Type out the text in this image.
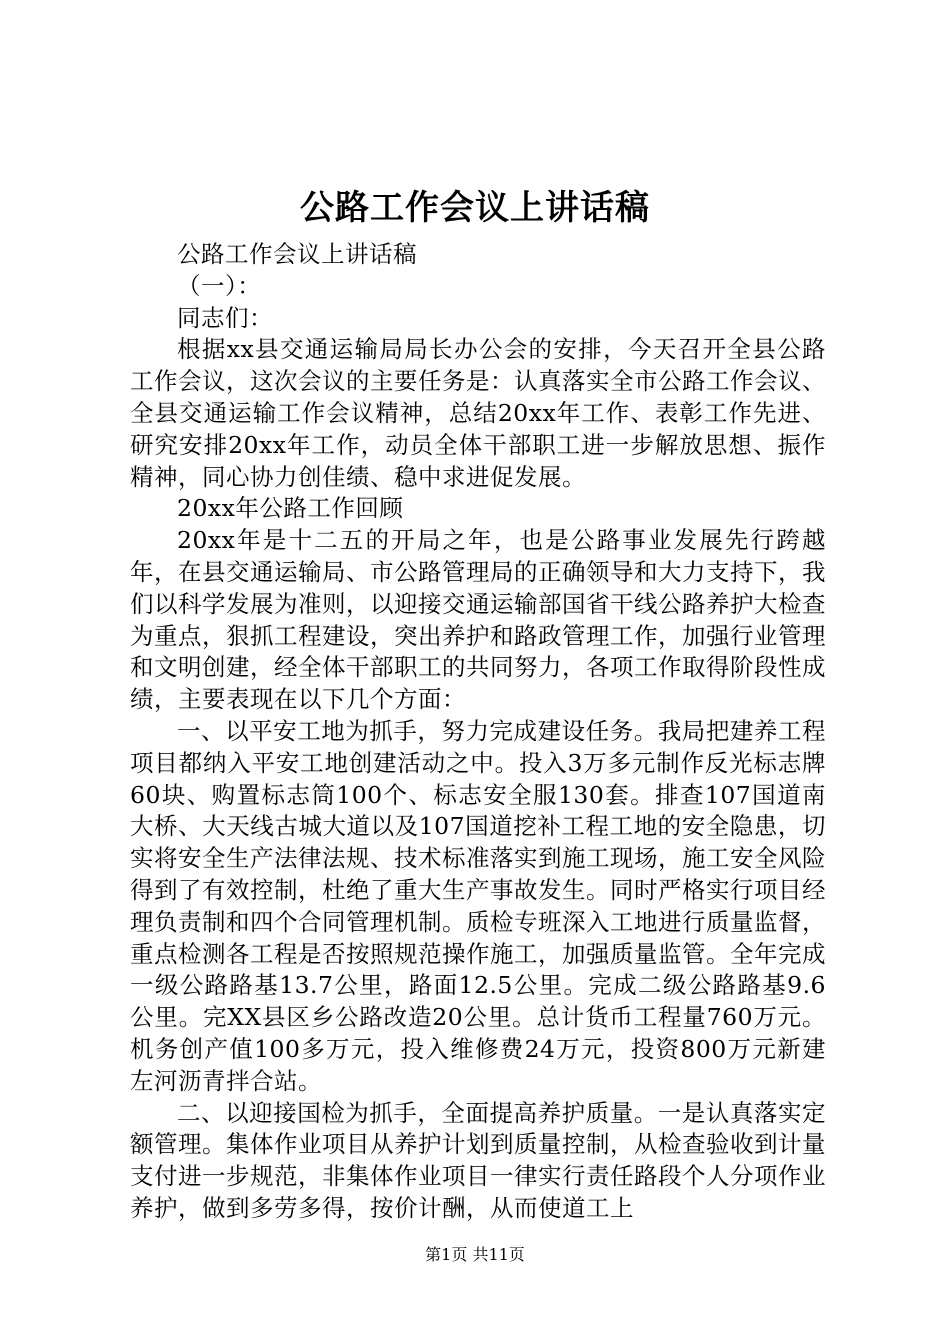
公路工作会议上讲话稿

公路工作会议上讲话稿

（一）：

同志们：

根据xx县交通运输局局长办公会的安排，今天召开全县公路工作会议，这次会议的主要任务是：认真落实全市公路工作会议、全县交通运输工作会议精神，总结20xx年工作、表彰工作先进、研究安排20xx年工作，动员全体干部职工进一步解放思想、振作精神，同心协力创佳绩、稳中求进促发展。

20xx年公路工作回顾

20xx年是十二五的开局之年，也是公路事业发展先行跨越年，在县交通运输局、市公路管理局的正确领导和大力支持下，我们以科学发展为准则，以迎接交通运输部国省干线公路养护大检查为重点，狠抓工程建设，突出养护和路政管理工作，加强行业管理和文明创建，经全体干部职工的共同努力，各项工作取得阶段性成绩，主要表现在以下几个方面：

一、以平安工地为抓手，努力完成建设任务。我局把建养工程项目都纳入平安工地创建活动之中。投入3万多元制作反光标志牌60块、购置标志筒100个、标志安全服130套。排查107国道南大桥、大天线古城大道以及107国道挖补工程工地的安全隐患，切实将安全生产法律法规、技术标准落实到施工现场，施工安全风险得到了有效控制，杜绝了重大生产事故发生。同时严格实行项目经理负责制和四个合同管理机制。质检专班深入工地进行质量监督，重点检测各工程是否按照规范操作施工，加强质量监管。全年完成一级公路路基13.7公里，路面12.5公里。完成二级公路路基9.6公里。完XX县区乡公路改造20公里。总计货币工程量760万元。机务创产值100多万元，投入维修费24万元，投资800万元新建左河沥青拌合站。

二、以迎接国检为抓手，全面提高养护质量。一是认真落实定额管理。集体作业项目从养护计划到质量控制，从检查验收到计量支付进一步规范，非集体作业项目一律实行责任路段个人分项作业养护，做到多劳多得，按价计酬，从而使道工上

第1页 共11页
